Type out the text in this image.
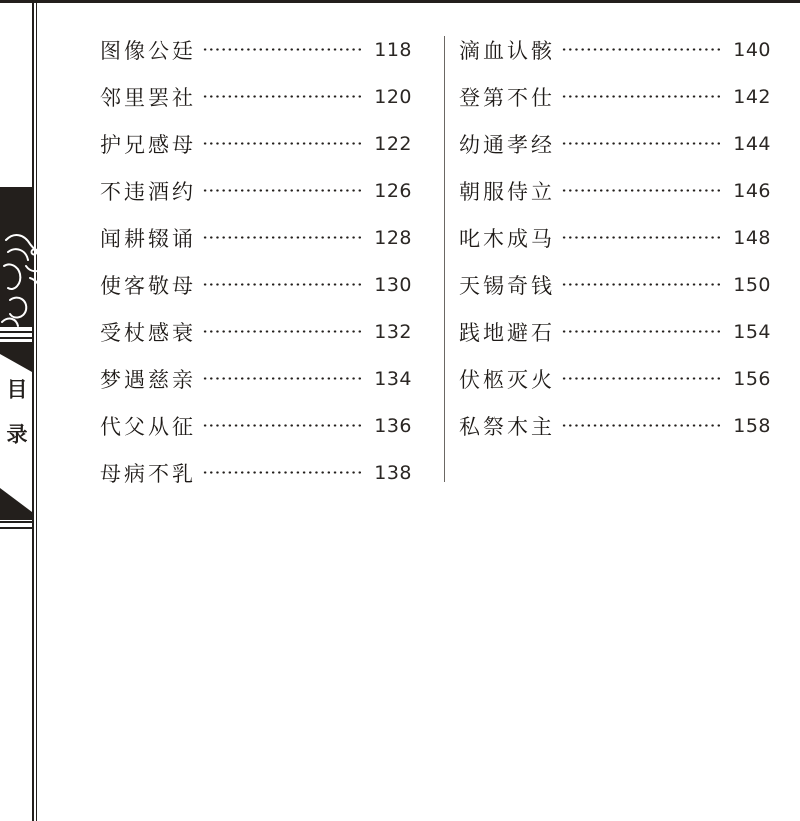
目录
图像公廷	118
邻里罢社	120
护兄感母	122
不违酒约	126
闻耕辍诵	128
使客敬母	130
受杖感衰	132
梦遇慈亲	134
代父从征	136
母病不乳	138
滴血认骸	140
登第不仕	142
幼通孝经	144
朝服侍立	146
叱木成马	148
天锡奇钱	150
践地避石	154
伏柩灭火	156
私祭木主	158
